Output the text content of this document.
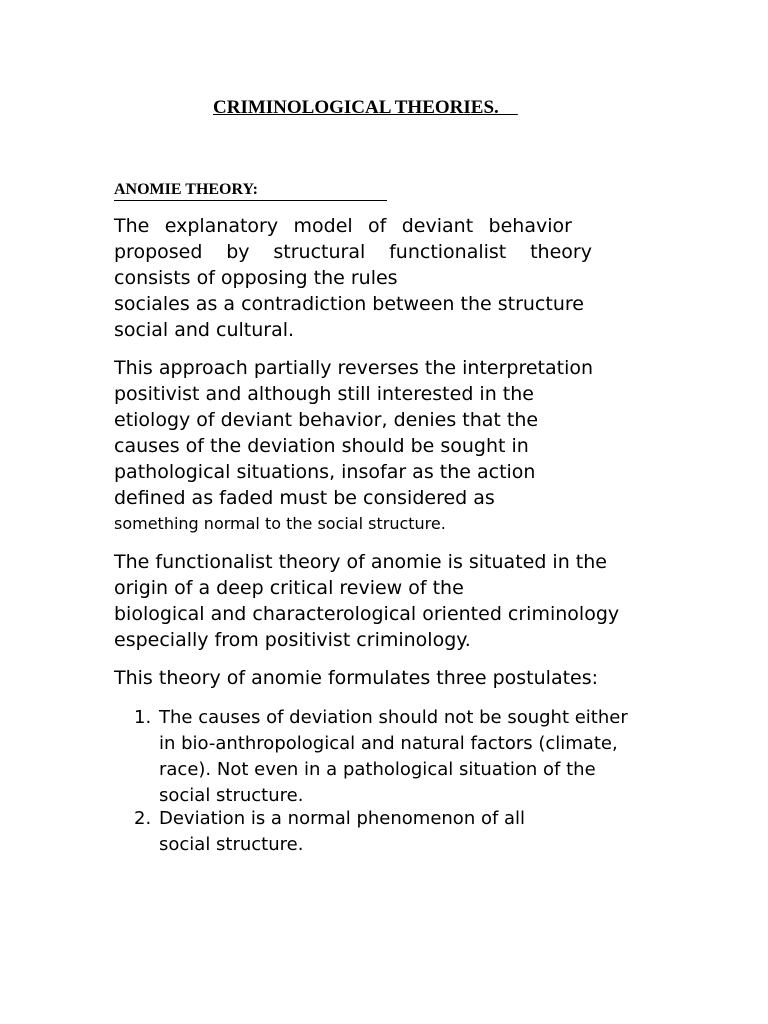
CRIMINOLOGICAL THEORIES.
ANOMIE THEORY:
The explanatory model of deviant behavior
proposed by structural functionalist theory
consists of opposing the rules
sociales as a contradiction between the structure
social and cultural.
This approach partially reverses the interpretation
positivist and although still interested in the
etiology of deviant behavior, denies that the
causes of the deviation should be sought in
pathological situations, insofar as the action
defined as faded must be considered as
something normal to the social structure.
The functionalist theory of anomie is situated in the
origin of a deep critical review of the
biological and characterological oriented criminology
especially from positivist criminology.
This theory of anomie formulates three postulates:
1. The causes of deviation should not be sought either
in bio-anthropological and natural factors (climate,
race). Not even in a pathological situation of the
social structure.
2. Deviation is a normal phenomenon of all
social structure.
